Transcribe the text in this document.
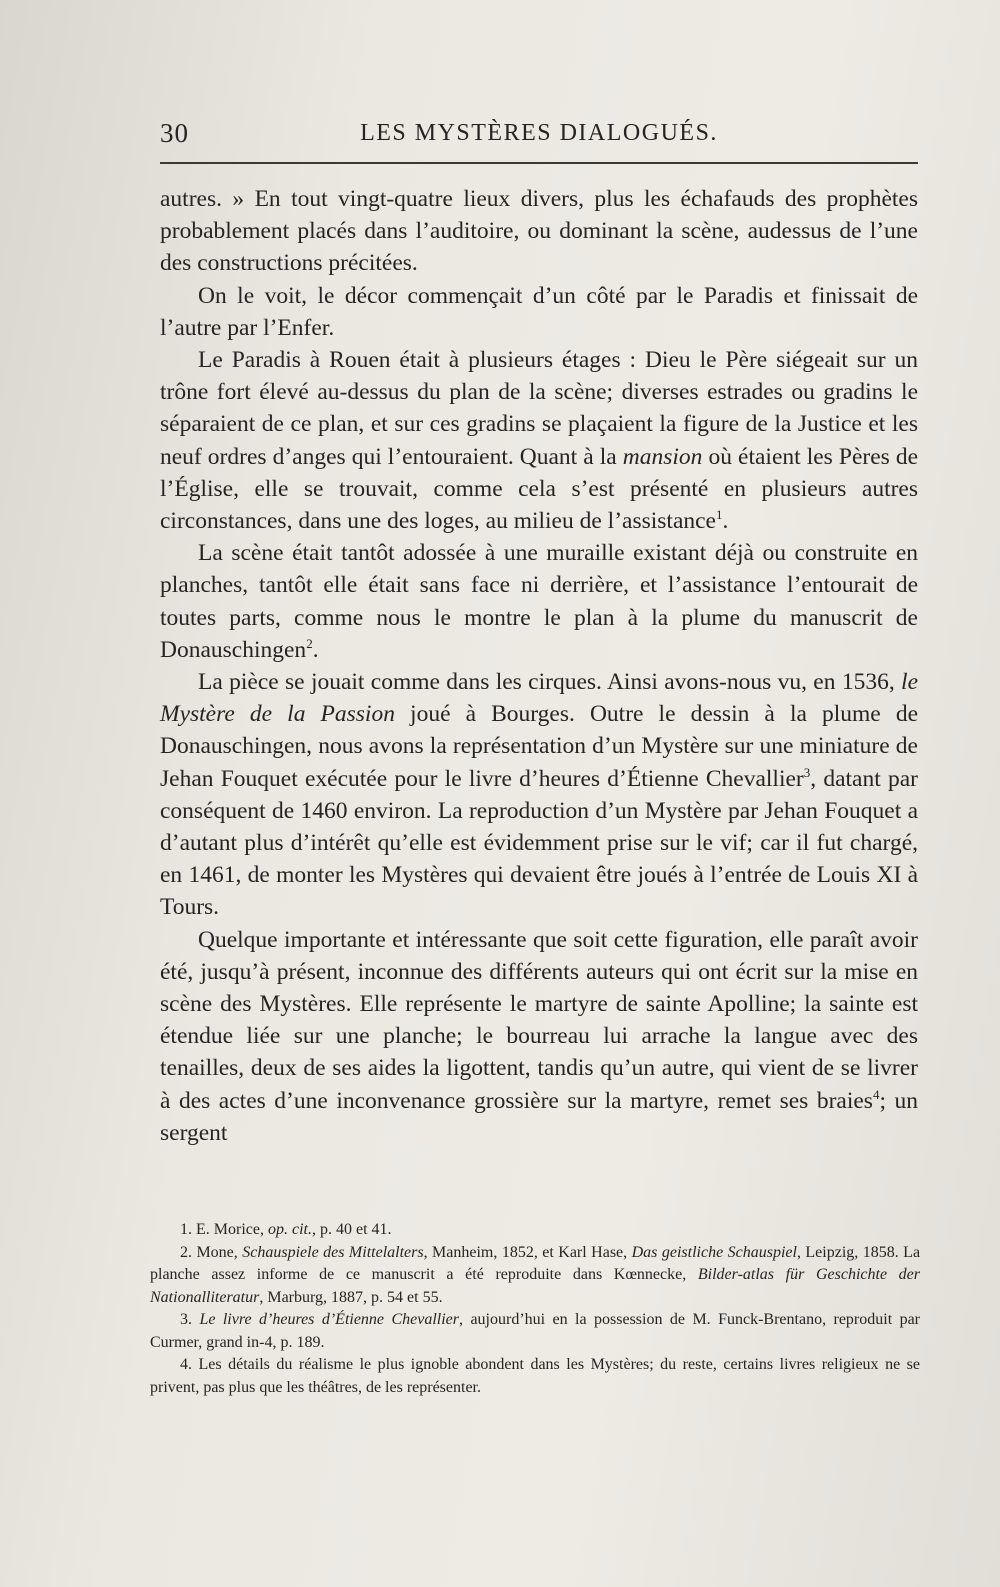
30	LES MYSTÈRES DIALOGUÉS.

autres. » En tout vingt-quatre lieux divers, plus les échafauds des prophètes probablement placés dans l’auditoire, ou dominant la scène, audessus de l’une des constructions précitées.

On le voit, le décor commençait d’un côté par le Paradis et finissait de l’autre par l’Enfer.

Le Paradis à Rouen était à plusieurs étages : Dieu le Père siégeait sur un trône fort élevé au-dessus du plan de la scène; diverses estrades ou gradins le séparaient de ce plan, et sur ces gradins se plaçaient la figure de la Justice et les neuf ordres d’anges qui l’entouraient. Quant à la mansion où étaient les Pères de l’Église, elle se trouvait, comme cela s’est présenté en plusieurs autres circonstances, dans une des loges, au milieu de l’assistance$^1$.

La scène était tantôt adossée à une muraille existant déjà ou construite en planches, tantôt elle était sans face ni derrière, et l’assistance l’entourait de toutes parts, comme nous le montre le plan à la plume du manuscrit de Donauschingen$^2$.

La pièce se jouait comme dans les cirques. Ainsi avons-nous vu, en 1536, le Mystère de la Passion joué à Bourges. Outre le dessin à la plume de Donauschingen, nous avons la représentation d’un Mystère sur une miniature de Jehan Fouquet exécutée pour le livre d’heures d’Étienne Chevallier$^3$, datant par conséquent de 1460 environ. La reproduction d’un Mystère par Jehan Fouquet a d’autant plus d’intérêt qu’elle est évidemment prise sur le vif; car il fut chargé, en 1461, de monter les Mystères qui devaient être joués à l’entrée de Louis XI à Tours.

Quelque importante et intéressante que soit cette figuration, elle paraît avoir été, jusqu’à présent, inconnue des différents auteurs qui ont écrit sur la mise en scène des Mystères. Elle représente le martyre de sainte Apolline; la sainte est étendue liée sur une planche; le bourreau lui arrache la langue avec des tenailles, deux de ses aides la ligottent, tandis qu’un autre, qui vient de se livrer à des actes d’une inconvenance grossière sur la martyre, remet ses braies$^4$; un sergent

1. E. Morice, op. cit., p. 40 et 41.

2. Mone, Schauspiele des Mittelalters, Manheim, 1852, et Karl Hase, Das geistliche Schauspiel, Leipzig, 1858. La planche assez informe de ce manuscrit a été reproduite dans Kœnnecke, Bilder-atlas für Geschichte der Nationalliteratur, Marburg, 1887, p. 54 et 55.

3. Le livre d’heures d’Étienne Chevallier, aujourd’hui en la possession de M. Funck-Brentano, reproduit par Curmer, grand in-4, p. 189.

4. Les détails du réalisme le plus ignoble abondent dans les Mystères; du reste, certains livres religieux ne se privent, pas plus que les théâtres, de les représenter.
